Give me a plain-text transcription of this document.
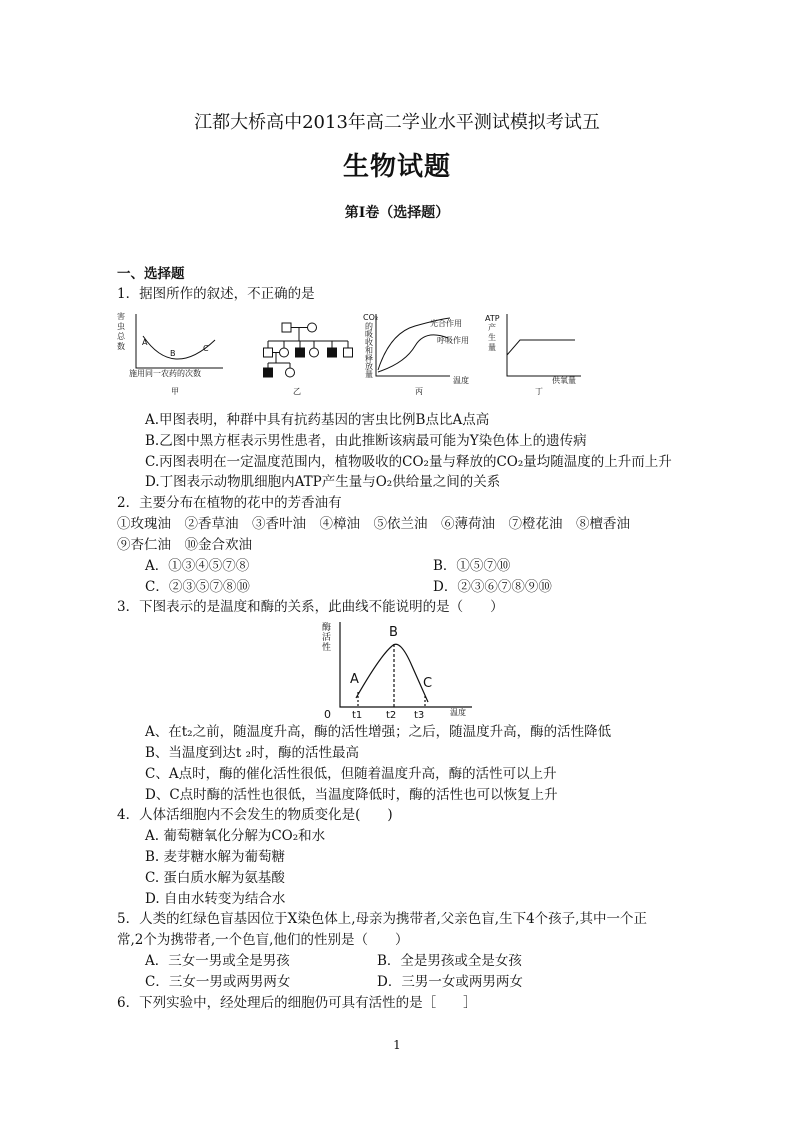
江都大桥高中2013年高二学业水平测试模拟考试五
生物试题
第Ⅰ卷（选择题）
一、选择题
1．据图所作的叙述，不正确的是
害
虫
总
数 A
B
C
施用同一农药的次数
甲	乙
CO₂
的
吸
收
和
释
放
量
光合作用
呼吸作用
温度
丙
ATP
产
生
量
供氧量
丁
A.甲图表明，种群中具有抗药基因的害虫比例B点比A点高
B.乙图中黑方框表示男性患者，由此推断该病最可能为Y染色体上的遗传病
C.丙图表明在一定温度范围内，植物吸收的CO₂量与释放的CO₂量均随温度的上升而上升
D.丁图表示动物肌细胞内ATP产生量与O₂供给量之间的关系
2．主要分布在植物的花中的芳香油有
①玫瑰油　②香草油　③香叶油　④樟油　⑤依兰油　⑥薄荷油　⑦橙花油　⑧檀香油
⑨杏仁油　⑩金合欢油
A．①③④⑤⑦⑧	B．①⑤⑦⑩
C．②③⑤⑦⑧⑩	D．②③⑥⑦⑧⑨⑩
3．下图表示的是温度和酶的关系，此曲线不能说明的是（　　）
酶
活
性
0
A
B
C
t1 t2 t3	温度
A、在t₂之前，随温度升高，酶的活性增强；之后，随温度升高，酶的活性降低
B、当温度到达t ₂时，酶的活性最高
C、A点时，酶的催化活性很低，但随着温度升高，酶的活性可以上升
D、C点时酶的活性也很低，当温度降低时，酶的活性也可以恢复上升
4．人体活细胞内不会发生的物质变化是(　　)
A. 葡萄糖氧化分解为CO₂和水
B. 麦芽糖水解为葡萄糖
C. 蛋白质水解为氨基酸
D. 自由水转变为结合水
5．人类的红绿色盲基因位于X染色体上,母亲为携带者,父亲色盲,生下4个孩子,其中一个正
常,2个为携带者,一个色盲,他们的性别是（　　）
A．三女一男或全是男孩	B．全是男孩或全是女孩
C．三女一男或两男两女	D．三男一女或两男两女
6．下列实验中，经处理后的细胞仍可具有活性的是［　　］
1
